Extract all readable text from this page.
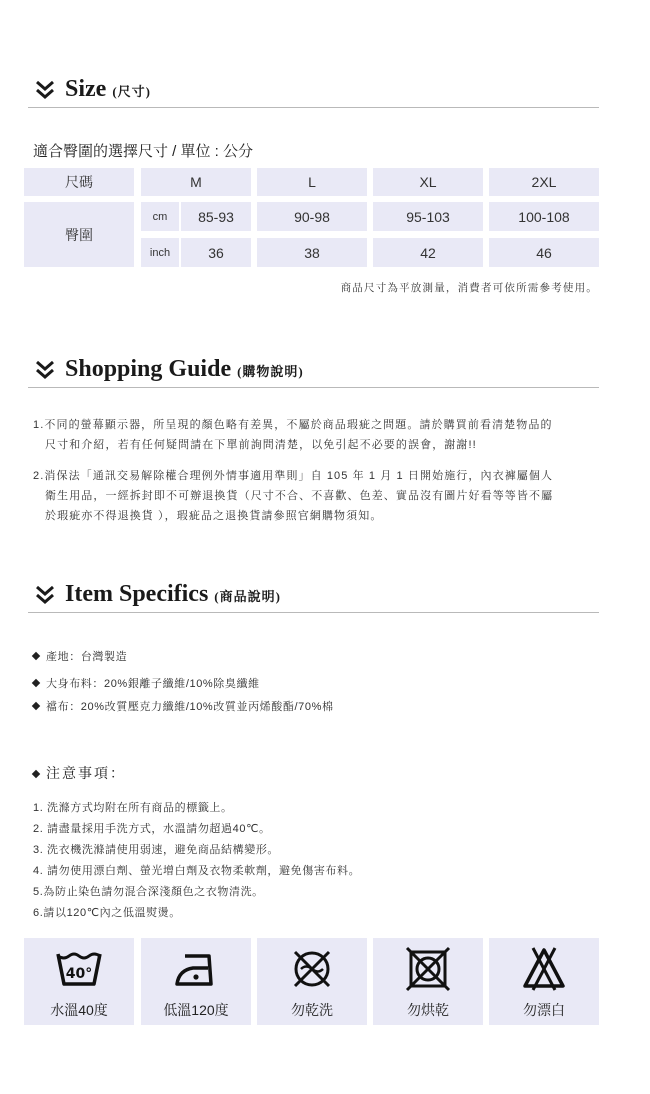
Size (尺寸)
適合臀圍的選擇尺寸 / 單位 : 公分
尺碼	M	L	XL	2XL
臀圍
cm	85-93	90-98	95-103	100-108
inch	36	38	42	46
商品尺寸為平放測量，消費者可依所需參考使用。
Shopping Guide (購物說明)
1.不同的螢幕顯示器，所呈現的顏色略有差異，不屬於商品瑕疵之問題。請於購買前看清楚物品的
尺寸和介紹，若有任何疑問請在下單前詢問清楚，以免引起不必要的誤會，謝謝!!
2.消保法「通訊交易解除權合理例外情事適用準則」自 105 年 1 月 1 日開始施行，內衣褲屬個人
衛生用品，一經拆封即不可辦退換貨（尺寸不合、不喜歡、色差、實品沒有圖片好看等等皆不屬
於瑕疵亦不得退換貨 ），瑕疵品之退換貨請參照官網購物須知。
Item Specifics (商品說明)
產地：台灣製造
大身布料：20%銀離子纖維/10%除臭纖維
襠布：20%改質壓克力纖維/10%改質並丙烯酸酯/70%棉
注意事項：
1. 洗滌方式均附在所有商品的標籤上。
2. 請盡量採用手洗方式，水溫請勿超過40℃。
3. 洗衣機洗滌請使用弱速，避免商品結構變形。
4. 請勿使用漂白劑、螢光增白劑及衣物柔軟劑，避免傷害布料。
5.為防止染色請勿混合深淺顏色之衣物清洗。
6.請以120℃內之低溫熨燙。
40°
水溫40度	低溫120度	勿乾洗	勿烘乾	勿漂白
